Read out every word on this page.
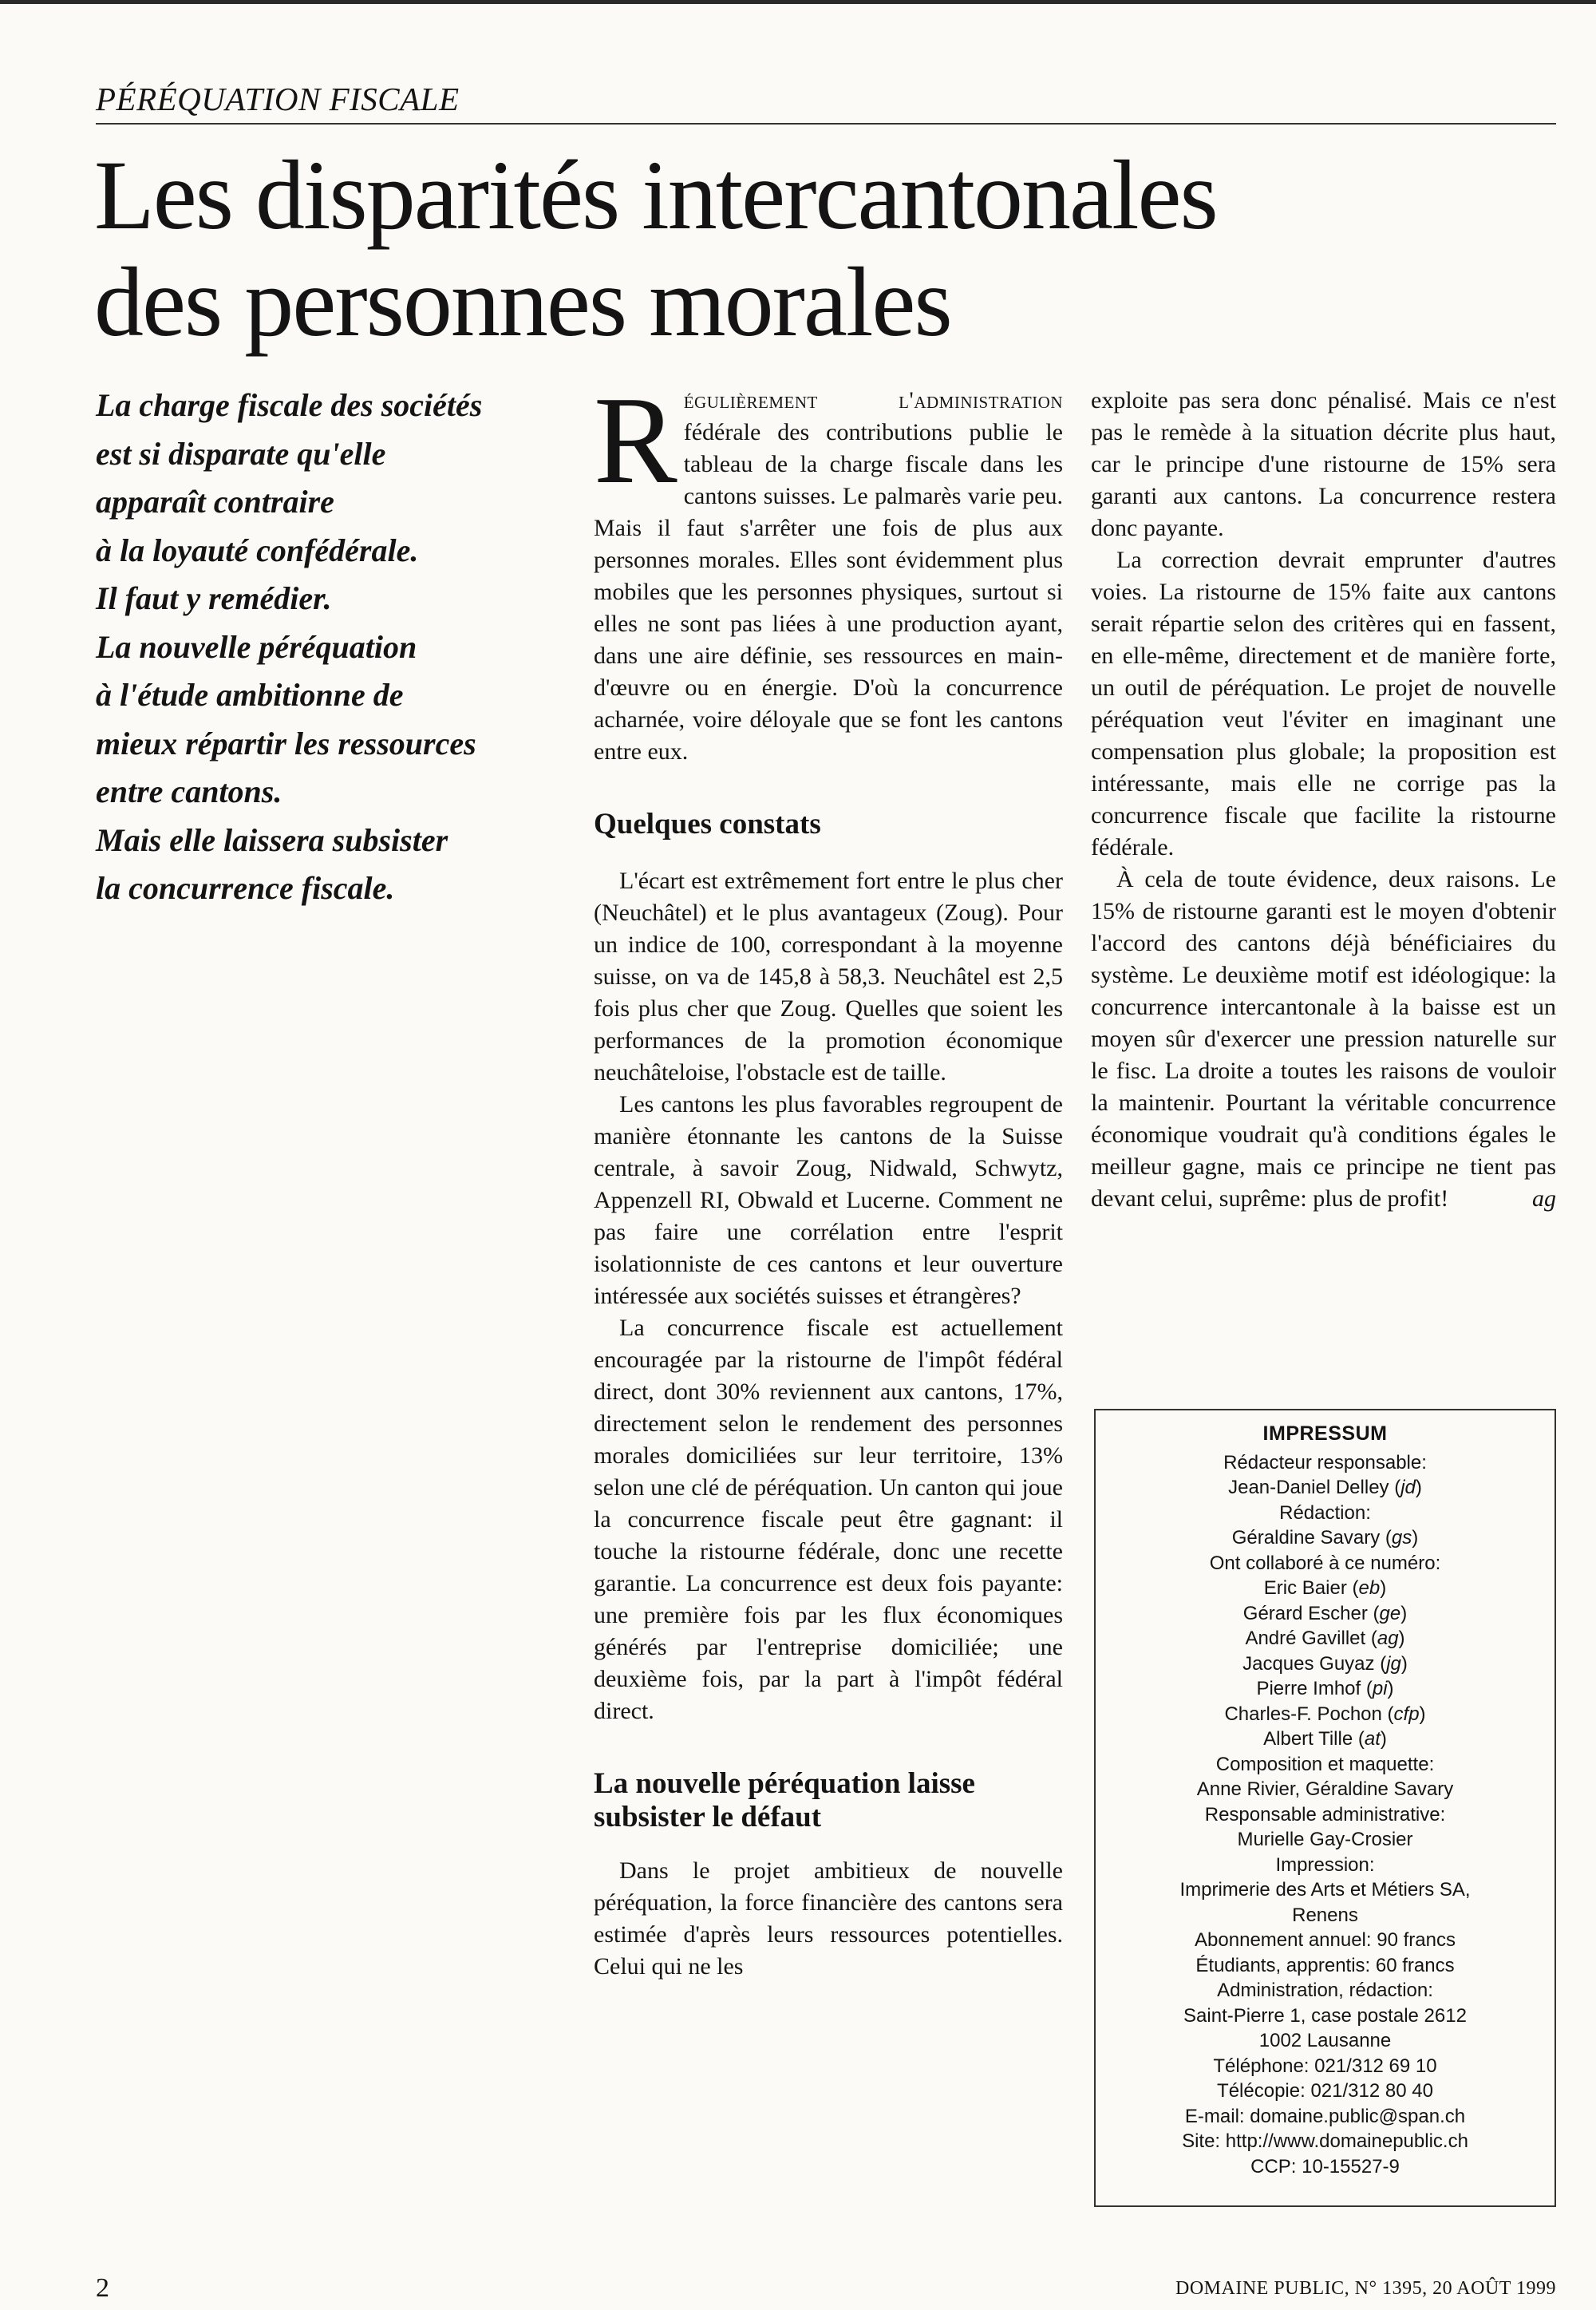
PÉRÉQUATION FISCALE
Les disparités intercantonales
des personnes morales
La charge fiscale des sociétés
est si disparate qu'elle
apparaît contraire
à la loyauté confédérale.
Il faut y remédier.
La nouvelle péréquation
à l'étude ambitionne de
mieux répartir les ressources
entre cantons.
Mais elle laissera subsister
la concurrence fiscale.

Régulièrement l'administration fédérale des contributions publie le tableau de la charge fiscale dans les cantons suisses. Le palmarès varie peu. Mais il faut s'arrêter une fois de plus aux personnes morales. Elles sont évidemment plus mobiles que les personnes physiques, surtout si elles ne sont pas liées à une production ayant, dans une aire définie, ses ressources en main-d'œuvre ou en énergie. D'où la concurrence acharnée, voire déloyale que se font les cantons entre eux.

Quelques constats

L'écart est extrêmement fort entre le plus cher (Neuchâtel) et le plus avantageux (Zoug). Pour un indice de 100, correspondant à la moyenne suisse, on va de 145,8 à 58,3. Neuchâtel est 2,5 fois plus cher que Zoug. Quelles que soient les performances de la promotion économique neuchâteloise, l'obstacle est de taille.

Les cantons les plus favorables regroupent de manière étonnante les cantons de la Suisse centrale, à savoir Zoug, Nidwald, Schwytz, Appenzell RI, Obwald et Lucerne. Comment ne pas faire une corrélation entre l'esprit isolationniste de ces cantons et leur ouverture intéressée aux sociétés suisses et étrangères?

La concurrence fiscale est actuellement encouragée par la ristourne de l'impôt fédéral direct, dont 30% reviennent aux cantons, 17%, directement selon le rendement des personnes morales domiciliées sur leur territoire, 13% selon une clé de péréquation. Un canton qui joue la concurrence fiscale peut être gagnant: il touche la ristourne fédérale, donc une recette garantie. La concurrence est deux fois payante: une première fois par les flux économiques générés par l'entreprise domiciliée; une deuxième fois, par la part à l'impôt fédéral direct.

La nouvelle péréquation laisse subsister le défaut

Dans le projet ambitieux de nouvelle péréquation, la force financière des cantons sera estimée d'après leurs ressources potentielles. Celui qui ne les

exploite pas sera donc pénalisé. Mais ce n'est pas le remède à la situation décrite plus haut, car le principe d'une ristourne de 15% sera garanti aux cantons. La concurrence restera donc payante.

La correction devrait emprunter d'autres voies. La ristourne de 15% faite aux cantons serait répartie selon des critères qui en fassent, en elle-même, directement et de manière forte, un outil de péréquation. Le projet de nouvelle péréquation veut l'éviter en imaginant une compensation plus globale; la proposition est intéressante, mais elle ne corrige pas la concurrence fiscale que facilite la ristourne fédérale.

À cela de toute évidence, deux raisons. Le 15% de ristourne garanti est le moyen d'obtenir l'accord des cantons déjà bénéficiaires du système. Le deuxième motif est idéologique: la concurrence intercantonale à la baisse est un moyen sûr d'exercer une pression naturelle sur le fisc. La droite a toutes les raisons de vouloir la maintenir. Pourtant la véritable concurrence économique voudrait qu'à conditions égales le meilleur gagne, mais ce principe ne tient pas devant celui, suprême: plus de profit!	ag

IMPRESSUM
Rédacteur responsable:
Jean-Daniel Delley (jd)
Rédaction:
Géraldine Savary (gs)
Ont collaboré à ce numéro:
Eric Baier (eb)
Gérard Escher (ge)
André Gavillet (ag)
Jacques Guyaz (jg)
Pierre Imhof (pi)
Charles-F. Pochon (cfp)
Albert Tille (at)
Composition et maquette:
Anne Rivier, Géraldine Savary
Responsable administrative:
Murielle Gay-Crosier
Impression:
Imprimerie des Arts et Métiers SA,
Renens
Abonnement annuel: 90 francs
Étudiants, apprentis: 60 francs
Administration, rédaction:
Saint-Pierre 1, case postale 2612
1002 Lausanne
Téléphone: 021/312 69 10
Télécopie: 021/312 80 40
E-mail: domaine.public@span.ch
Site: http://www.domainepublic.ch
CCP: 10-15527-9
2	DOMAINE PUBLIC, N° 1395, 20 AOÛT 1999
